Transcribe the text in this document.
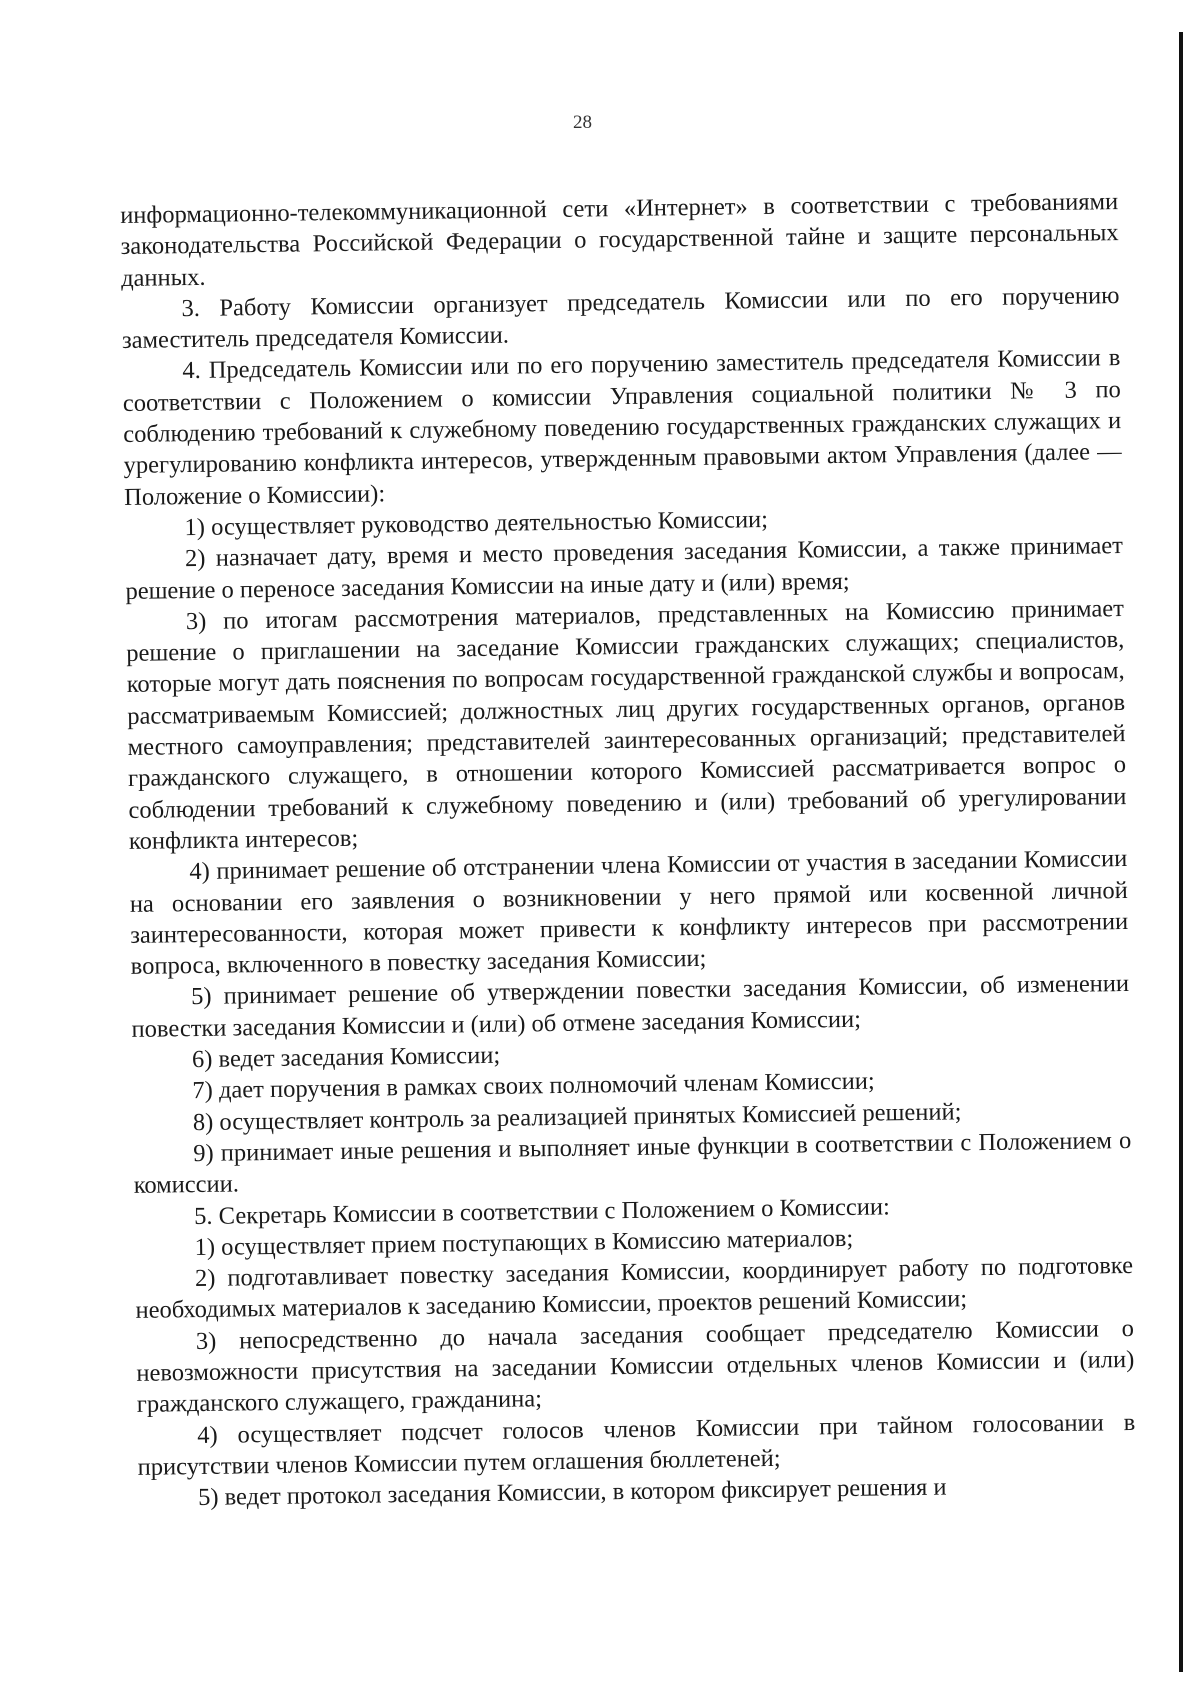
28

информационно-телекоммуникационной сети «Интернет» в соответствии с требованиями законодательства Российской Федерации о государственной тайне и защите персональных данных.

3. Работу Комиссии организует председатель Комиссии или по его поручению заместитель председателя Комиссии.

4. Председатель Комиссии или по его поручению заместитель председателя Комиссии в соответствии с Положением о комиссии Управления социальной политики № 3 по соблюдению требований к служебному поведению государственных гражданских служащих и урегулированию конфликта интересов, утвержденным правовыми актом Управления (далее — Положение о Комиссии):

1) осуществляет руководство деятельностью Комиссии;

2) назначает дату, время и место проведения заседания Комиссии, а также принимает решение о переносе заседания Комиссии на иные дату и (или) время;

3) по итогам рассмотрения материалов, представленных на Комиссию принимает решение о приглашении на заседание Комиссии гражданских служащих; специалистов, которые могут дать пояснения по вопросам государственной гражданской службы и вопросам, рассматриваемым Комиссией; должностных лиц других государственных органов, органов местного самоуправления; представителей заинтересованных организаций; представителей гражданского служащего, в отношении которого Комиссией рассматривается вопрос о соблюдении требований к служебному поведению и (или) требований об урегулировании конфликта интересов;

4) принимает решение об отстранении члена Комиссии от участия в заседании Комиссии на основании его заявления о возникновении у него прямой или косвенной личной заинтересованности, которая может привести к конфликту интересов при рассмотрении вопроса, включенного в повестку заседания Комиссии;

5) принимает решение об утверждении повестки заседания Комиссии, об изменении повестки заседания Комиссии и (или) об отмене заседания Комиссии;

6) ведет заседания Комиссии;

7) дает поручения в рамках своих полномочий членам Комиссии;

8) осуществляет контроль за реализацией принятых Комиссией решений;

9) принимает иные решения и выполняет иные функции в соответствии с Положением о комиссии.

5. Секретарь Комиссии в соответствии с Положением о Комиссии:

1) осуществляет прием поступающих в Комиссию материалов;

2) подготавливает повестку заседания Комиссии, координирует работу по подготовке необходимых материалов к заседанию Комиссии, проектов решений Комиссии;

3) непосредственно до начала заседания сообщает председателю Комиссии о невозможности присутствия на заседании Комиссии отдельных членов Комиссии и (или) гражданского служащего, гражданина;

4) осуществляет подсчет голосов членов Комиссии при тайном голосовании в присутствии членов Комиссии путем оглашения бюллетеней;

5) ведет протокол заседания Комиссии, в котором фиксирует решения и
